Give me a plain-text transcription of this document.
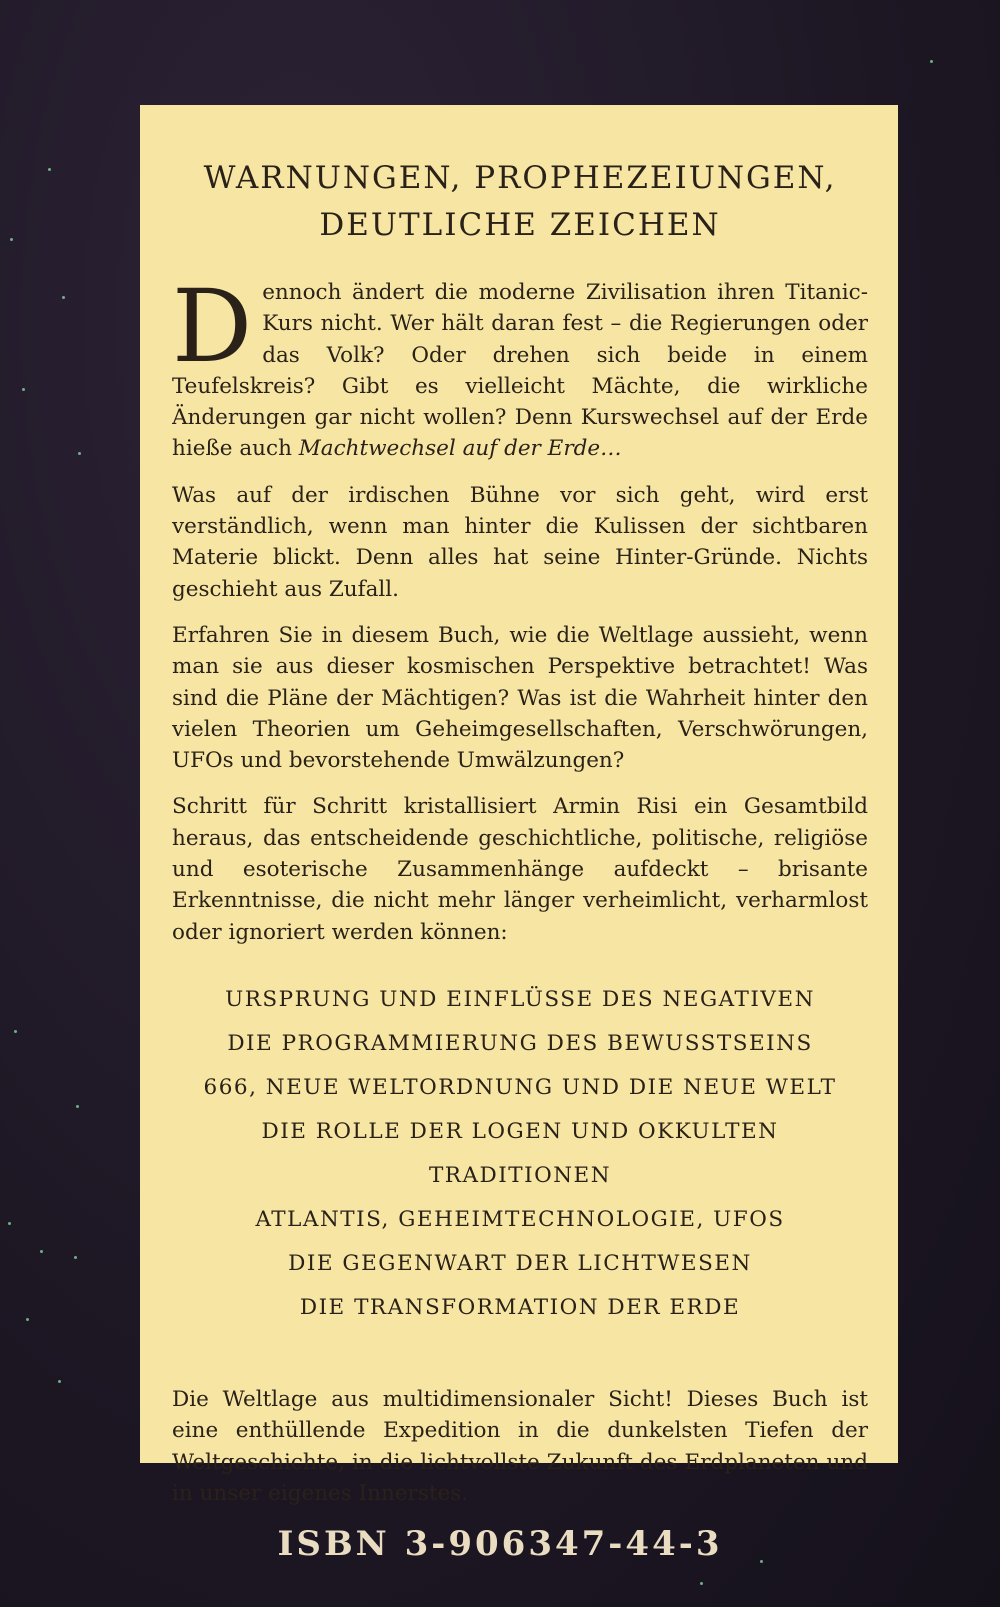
WARNUNGEN, PROPHEZEIUNGEN,
DEUTLICHE ZEICHEN

Dennoch ändert die moderne Zivilisation ihren Titanic-Kurs nicht. Wer hält daran fest – die Regierungen oder das Volk? Oder drehen sich beide in einem Teufelskreis? Gibt es vielleicht Mächte, die wirkliche Änderungen gar nicht wollen? Denn Kurswechsel auf der Erde hieße auch Machtwechsel auf der Erde…

Was auf der irdischen Bühne vor sich geht, wird erst verständlich, wenn man hinter die Kulissen der sichtbaren Materie blickt. Denn alles hat seine Hinter-Gründe. Nichts geschieht aus Zufall.

Erfahren Sie in diesem Buch, wie die Weltlage aussieht, wenn man sie aus dieser kosmischen Perspektive betrachtet! Was sind die Pläne der Mächtigen? Was ist die Wahrheit hinter den vielen Theorien um Geheimgesellschaften, Verschwörungen, UFOs und bevorstehende Umwälzungen?

Schritt für Schritt kristallisiert Armin Risi ein Gesamtbild heraus, das entscheidende geschichtliche, politische, religiöse und esoterische Zusammenhänge aufdeckt – brisante Erkenntnisse, die nicht mehr länger verheimlicht, verharmlost oder ignoriert werden können:

URSPRUNG UND EINFLÜSSE DES NEGATIVEN
DIE PROGRAMMIERUNG DES BEWUSSTSEINS
666, NEUE WELTORDNUNG UND DIE NEUE WELT
DIE ROLLE DER LOGEN UND OKKULTEN TRADITIONEN
ATLANTIS, GEHEIMTECHNOLOGIE, UFOS
DIE GEGENWART DER LICHTWESEN
DIE TRANSFORMATION DER ERDE

Die Weltlage aus multidimensionaler Sicht! Dieses Buch ist eine enthüllende Expedition in die dunkelsten Tiefen der Weltgeschichte, in die lichtvollste Zukunft des Erdplaneten und in unser eigenes Innerstes.

ISBN 3-906347-44-3
